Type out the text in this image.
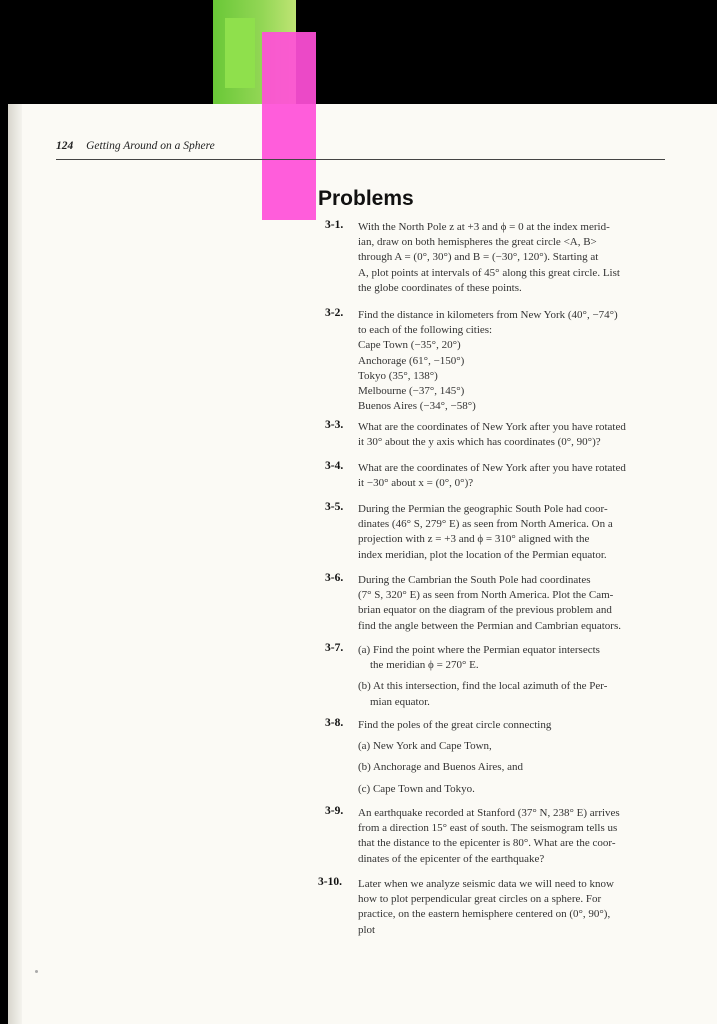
124 Getting Around on a Sphere
Problems
3-1. With the North Pole z at +3 and ϕ = 0 at the index merid-
ian, draw on both hemispheres the great circle <A, B>
through A = (0°, 30°) and B = (−30°, 120°). Starting at
A, plot points at intervals of 45° along this great circle. List
the globe coordinates of these points.
3-2. Find the distance in kilometers from New York (40°, −74°)
to each of the following cities:
Cape Town (−35°, 20°)
Anchorage (61°, −150°)
Tokyo (35°, 138°)
Melbourne (−37°, 145°)
Buenos Aires (−34°, −58°)
3-3. What are the coordinates of New York after you have rotated
it 30° about the y axis which has coordinates (0°, 90°)?
3-4. What are the coordinates of New York after you have rotated
it −30° about x = (0°, 0°)?
3-5. During the Permian the geographic South Pole had coor-
dinates (46° S, 279° E) as seen from North America. On a
projection with z = +3 and ϕ = 310° aligned with the
index meridian, plot the location of the Permian equator.
3-6. During the Cambrian the South Pole had coordinates
(7° S, 320° E) as seen from North America. Plot the Cam-
brian equator on the diagram of the previous problem and
find the angle between the Permian and Cambrian equators.
3-7. (a) Find the point where the Permian equator intersects
the meridian ϕ = 270° E.
(b) At this intersection, find the local azimuth of the Per-
mian equator.
3-8. Find the poles of the great circle connecting
(a) New York and Cape Town,
(b) Anchorage and Buenos Aires, and
(c) Cape Town and Tokyo.
3-9. An earthquake recorded at Stanford (37° N, 238° E) arrives
from a direction 15° east of south. The seismogram tells us
that the distance to the epicenter is 80°. What are the coor-
dinates of the epicenter of the earthquake?
3-10. Later when we analyze seismic data we will need to know
how to plot perpendicular great circles on a sphere. For
practice, on the eastern hemisphere centered on (0°, 90°),
plot
